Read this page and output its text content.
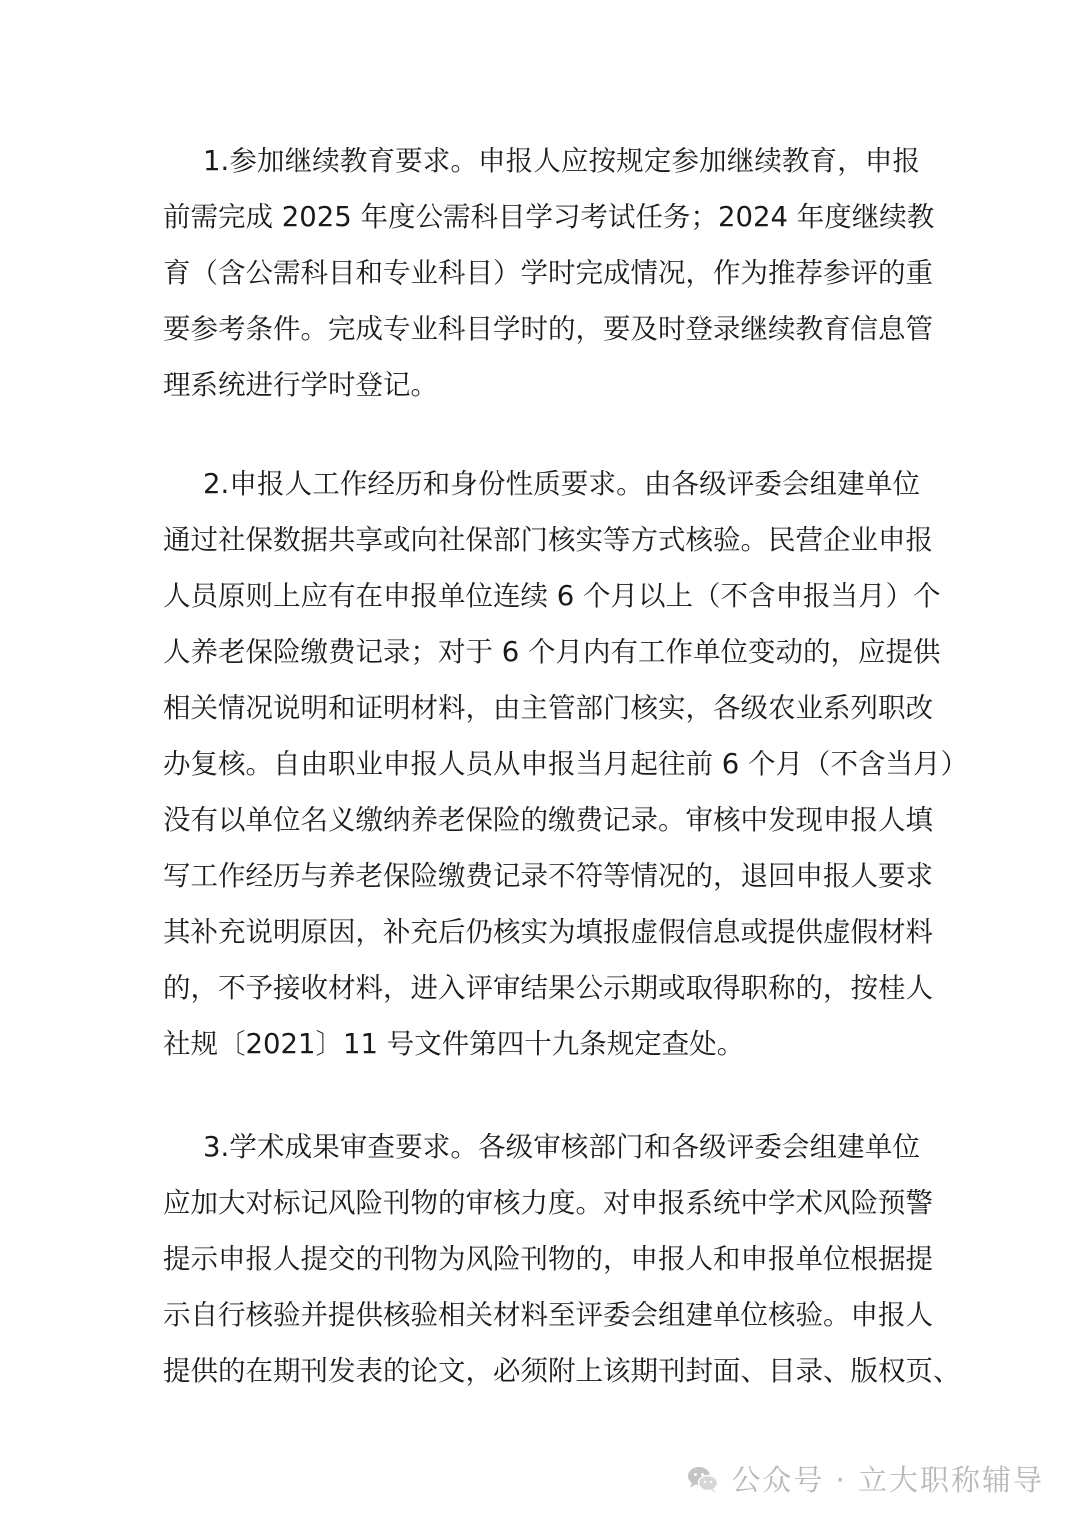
1.参加继续教育要求。申报人应按规定参加继续教育，申报
前需完成 2025 年度公需科目学习考试任务；2024 年度继续教
育（含公需科目和专业科目）学时完成情况，作为推荐参评的重
要参考条件。完成专业科目学时的，要及时登录继续教育信息管
理系统进行学时登记。
2.申报人工作经历和身份性质要求。由各级评委会组建单位
通过社保数据共享或向社保部门核实等方式核验。民营企业申报
人员原则上应有在申报单位连续 6 个月以上（不含申报当月）个
人养老保险缴费记录；对于 6 个月内有工作单位变动的，应提供
相关情况说明和证明材料，由主管部门核实，各级农业系列职改
办复核。自由职业申报人员从申报当月起往前 6 个月（不含当月）
没有以单位名义缴纳养老保险的缴费记录。审核中发现申报人填
写工作经历与养老保险缴费记录不符等情况的，退回申报人要求
其补充说明原因，补充后仍核实为填报虚假信息或提供虚假材料
的，不予接收材料，进入评审结果公示期或取得职称的，按桂人
社规〔2021〕11 号文件第四十九条规定查处。
3.学术成果审查要求。各级审核部门和各级评委会组建单位
应加大对标记风险刊物的审核力度。对申报系统中学术风险预警
提示申报人提交的刊物为风险刊物的，申报人和申报单位根据提
示自行核验并提供核验相关材料至评委会组建单位核验。申报人
提供的在期刊发表的论文，必须附上该期刊封面、目录、版权页、
公众号 · 立大职称辅导
